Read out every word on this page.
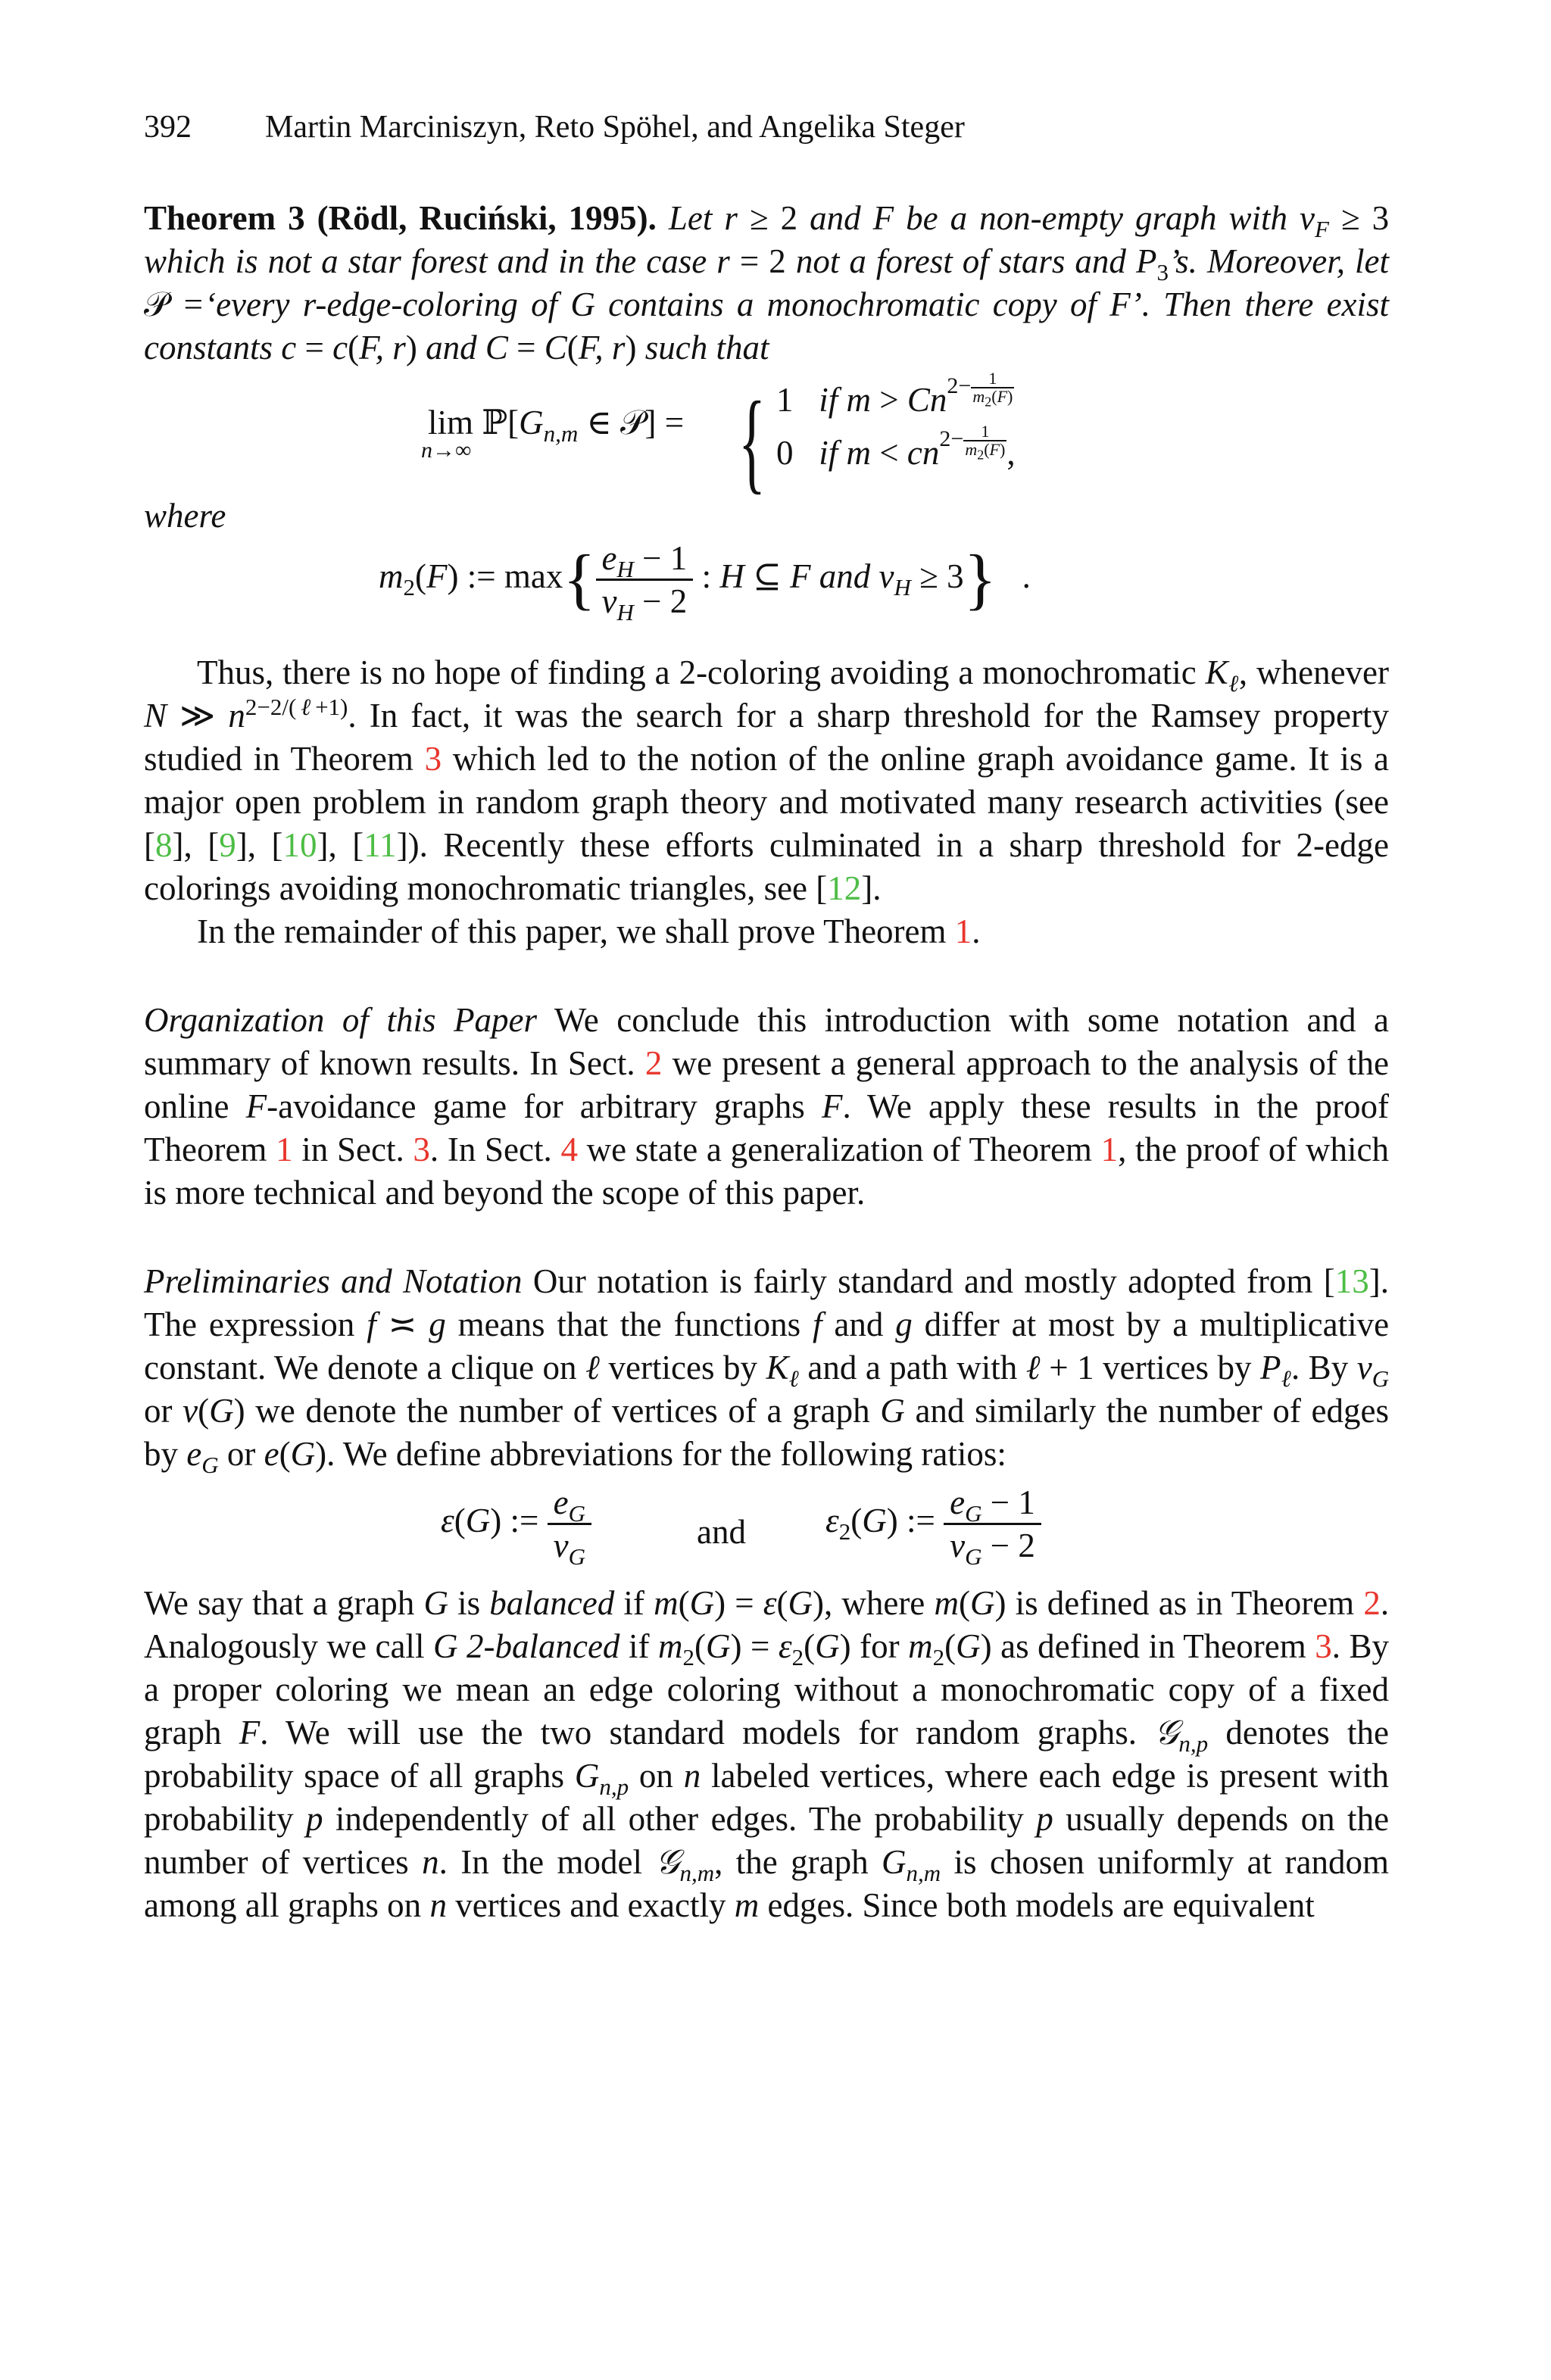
392 Martin Marciniszyn, Reto Spöhel, and Angelika Steger

Theorem 3 (Rödl, Ruciński, 1995). Let r ≥ 2 and F be a non-empty graph with $v_F \ge 3$ which is not a star forest and in the case r = 2 not a forest of stars and $P_3’s$. Moreover, let 𝒫 =‘every r-edge-coloring of G contains a monochromatic copy of F’. Then there exist constants c = c(F, r) and C = C(F, r) such that

$\lim ℙ[G_{n,m}$ ∈ 𝒫] =
n→∞ { 1   if $m > Cn^{2- \frac{1}{m_2(F)}}$
0   if $m < cn^{2- \frac{1}{m_2(F)}}$ ,

where

$m_2(F)$ := $\max\{ \frac{e_H - 1}{v_H - 2}$ : H ⊆ F and $v_H \ge 3$}   .

Thus, there is no hope of finding a 2-coloring avoiding a monochromatic $K_\ell$, whenever N ≫ $n^{2-2/(\ell+1)}$. In fact, it was the search for a sharp threshold for the Ramsey property studied in Theorem 3 which led to the notion of the online graph avoidance game. It is a major open problem in random graph theory and motivated many research activities (see [8], [9], [10], [11]). Recently these efforts culminated in a sharp threshold for 2-edge colorings avoiding monochromatic triangles, see [12].

In the remainder of this paper, we shall prove Theorem 1.

Organization of this Paper We conclude this introduction with some notation and a summary of known results. In Sect. 2 we present a general approach to the analysis of the online F-avoidance game for arbitrary graphs F. We apply these results in the proof Theorem 1 in Sect. 3. In Sect. 4 we state a generalization of Theorem 1, the proof of which is more technical and beyond the scope of this paper.

Preliminaries and Notation Our notation is fairly standard and mostly adopted from [13]. The expression f ≍ g means that the functions f and g differ at most by a multiplicative constant. We denote a clique on ℓ vertices by $K_\ell$ and a path with ℓ + 1 vertices by $P_\ell$. By $v_G$ or v(G) we denote the number of vertices of a graph G and similarly the number of edges by $e_G$ or e(G). We define abbreviations for the following ratios:

ε(G) := $\frac{e_G}{v_G}$	and $\varepsilon_2(G)$ := $\frac{e_G - 1}{v_G - 2}$

We say that a graph G is balanced if m(G) = ε(G), where m(G) is defined as in Theorem 2. Analogously we call G 2-balanced if $m_2(G) = \varepsilon_2(G)$ for $m_2(G)$ as defined in Theorem 3. By a proper coloring we mean an edge coloring without a monochromatic copy of a fixed graph F. We will use the two standard models for random graphs. 𝒢$_{n,p}$ denotes the probability space of all graphs $G_{n,p}$ on n labeled vertices, where each edge is present with probability p independently of all other edges. The probability p usually depends on the number of vertices n. In the model 𝒢$_{n,m}$, the graph $G_{n,m}$ is chosen uniformly at random among all graphs on n vertices and exactly m edges. Since both models are equivalent
